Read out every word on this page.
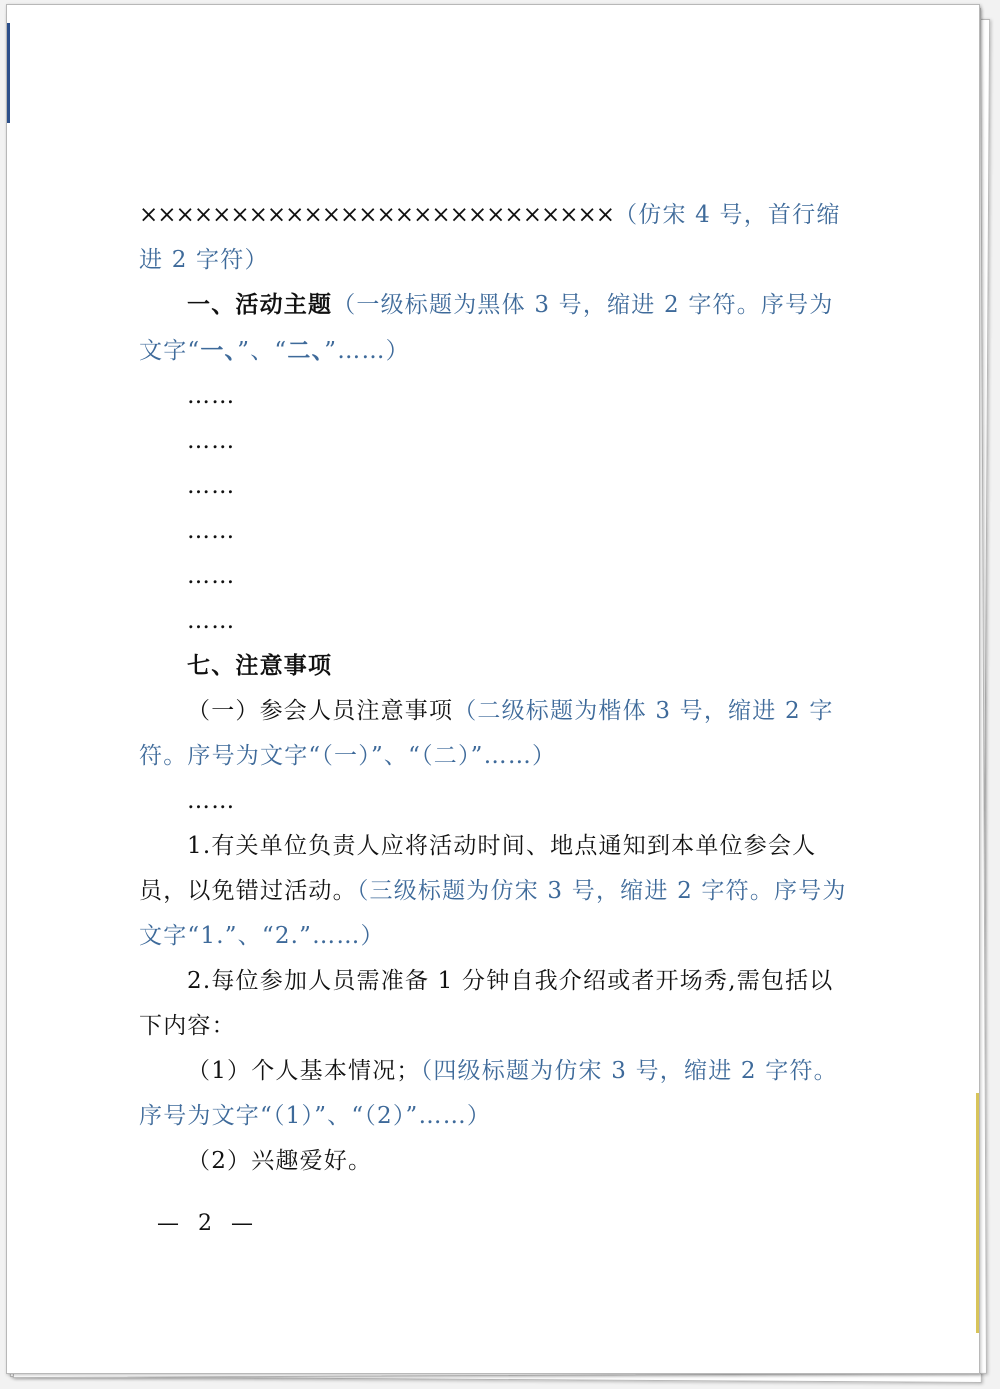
××××××××××××××××××××××××××（仿宋 4 号，首行缩进 2 字符）

一、活动主题（一级标题为黑体 3 号，缩进 2 字符。序号为文字“一、”、“二、”……）

……

……

……

……

……

……

七、注意事项

（一）参会人员注意事项（二级标题为楷体 3 号，缩进 2 字符。序号为文字“（一）”、“（二）”……）

……

1.有关单位负责人应将活动时间、地点通知到本单位参会人员，以免错过活动。（三级标题为仿宋 3 号，缩进 2 字符。序号为文字“1.”、“2.”……）

2.每位参加人员需准备 1 分钟自我介绍或者开场秀,需包括以下内容：

（1）个人基本情况；（四级标题为仿宋 3 号，缩进 2 字符。序号为文字“（1）”、“（2）”……）

（2）兴趣爱好。

— 2 —
